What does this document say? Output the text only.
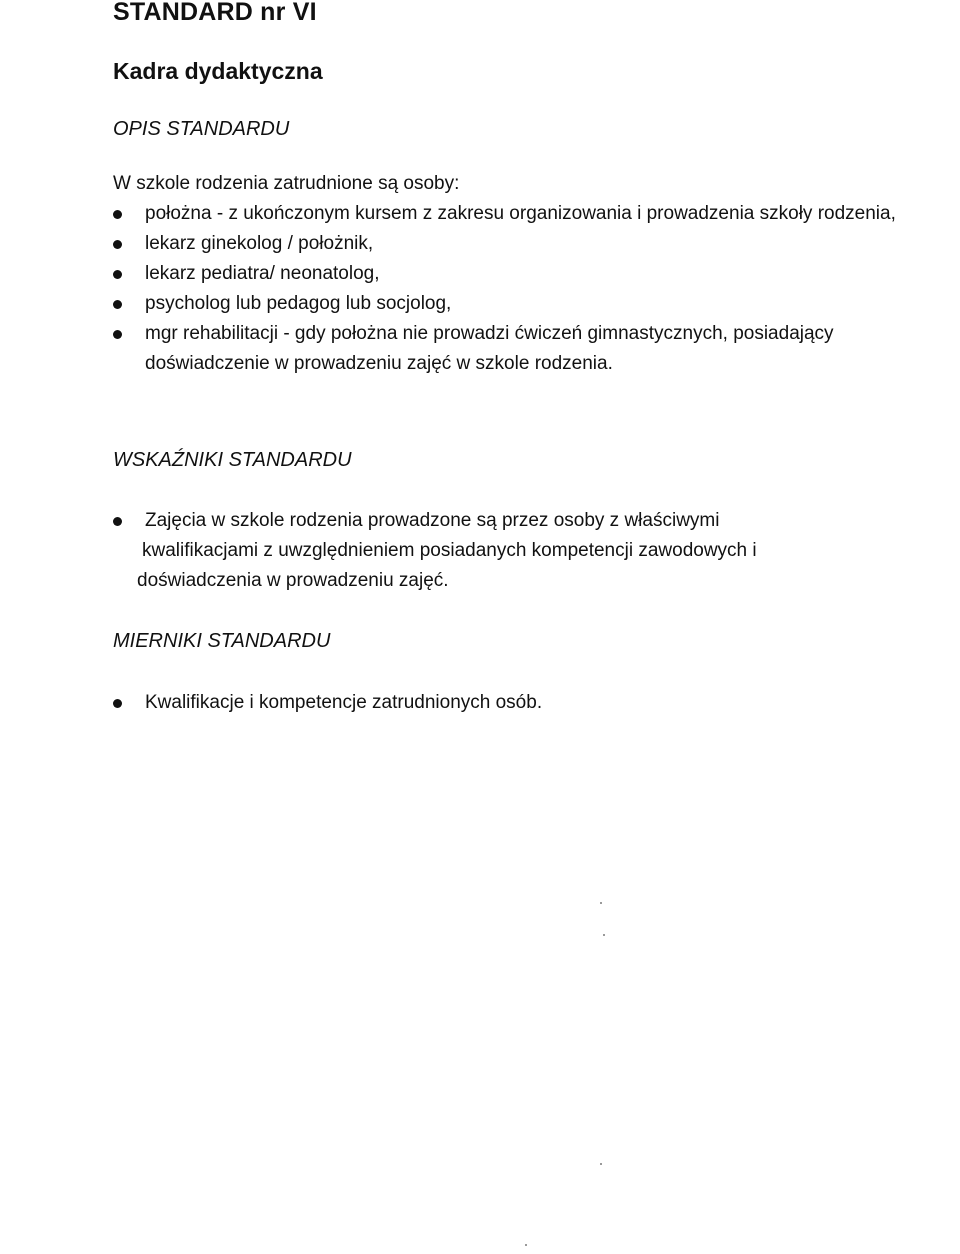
STANDARD nr VI
Kadra dydaktyczna
OPIS STANDARDU

W szkole rodzenia zatrudnione są osoby:

położna - z ukończonym kursem z zakresu organizowania i prowadzenia szkoły rodzenia,
lekarz ginekolog / położnik,
lekarz pediatra/ neonatolog,
psycholog lub pedagog lub socjolog,
mgr rehabilitacji - gdy położna nie prowadzi ćwiczeń gimnastycznych, posiadający doświadczenie w prowadzeniu zajęć w szkole rodzenia.
WSKAŹNIKI STANDARDU
Zajęcia w szkole rodzenia prowadzone są przez osoby z właściwymi
kwalifikacjami z uwzględnieniem posiadanych kompetencji zawodowych i
doświadczenia w prowadzeniu zajęć.
MIERNIKI STANDARDU
Kwalifikacje i kompetencje zatrudnionych osób.
